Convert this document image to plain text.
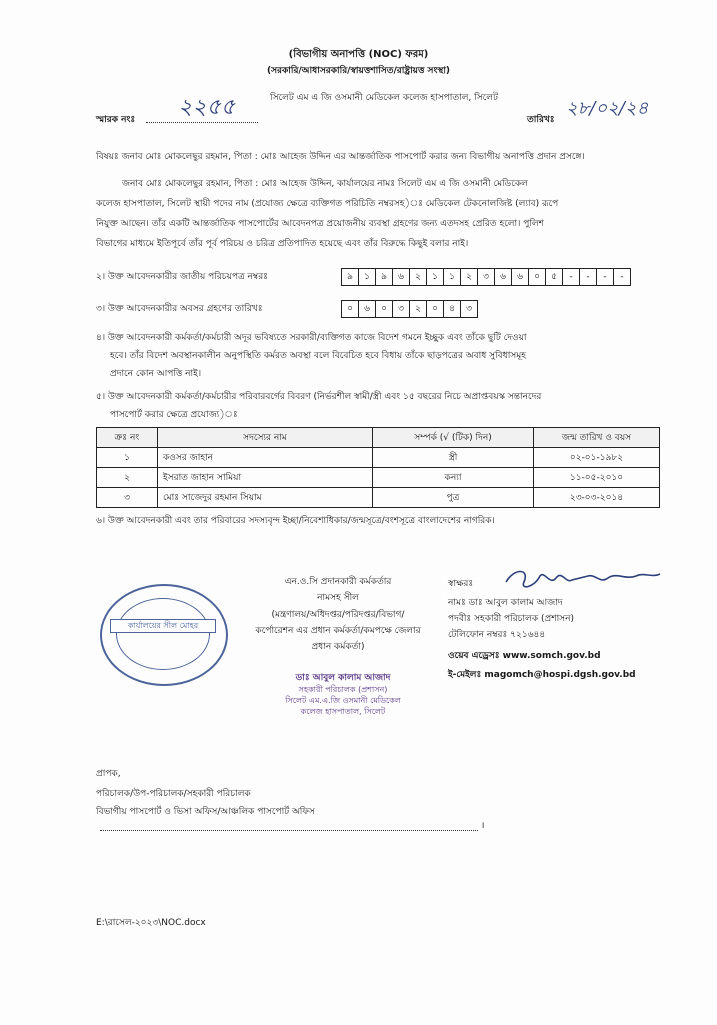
(বিভাগীয় অনাপত্তি (NOC) ফরম)
(সরকারি/আধাসরকারি/স্বায়ত্তশাসিত/রাষ্ট্রায়ত্ত সংস্থা)
সিলেট এম এ জি ওসমানী মেডিকেল কলেজ হাসপাতাল, সিলেট
স্মারক নংঃ ২২৫৫	তারিখঃ
২৮/০২/২৪
বিষয়ঃ জনাব মোঃ মোকলেছুর রহমান, পিতা : মোঃ আহেজ উদ্দিন এর আন্তর্জাতিক পাসপোর্ট করার জন্য বিভাগীয় অনাপত্তি প্রদান প্রসঙ্গে।
জনাব মোঃ মোকলেছুর রহমান, পিতা : মোঃ আহেজ উদ্দিন, কার্যালয়ের নামঃ সিলেট এম এ জি ওসমানী মেডিকেল
কলেজ হাসপাতাল, সিলেট স্থায়ী পদের নাম (প্রযোজ্য ক্ষেত্রে ব্যক্তিগত পরিচিতি নম্বরসহ)ঃ মেডিকেল টেকনোলজিষ্ট (ল্যাব) রূপে
নিযুক্ত আছেন। তাঁর একটি আন্তর্জাতিক পাসপোর্টের আবেদনপত্র প্রয়োজনীয় ব্যবস্থা গ্রহণের জন্য এতদসহ প্রেরিত হলো। পুলিশ
বিভাগের মাধ্যমে ইতিপূর্বে তাঁর পূর্ব পরিচয় ও চরিত্র প্রতিপাদিত হয়েছে এবং তাঁর বিরুদ্ধে কিছুই বলার নাই।
২। উক্ত আবেদনকারীর জাতীয় পরিচয়পত্র নম্বরঃ	৯	১	৯	৬	২	১	১	২	৩	৬	৬	০	৫	-	-	-	-
৩। উক্ত আবেদনকারীর অবসর গ্রহণের তারিখঃ	০	৬	০	৩	২	০	৪	৩
৪। উক্ত আবেদনকারী কর্মকর্তা/কর্মচারী অদূর ভবিষ্যতে সরকারী/ব্যক্তিগত কাজে বিদেশ গমনে ইচ্ছুক এবং তাঁকে ছুটি দেওয়া
হবে। তাঁর বিদেশ অবস্থানকালীন অনুপস্থিতি কর্মরত অবস্থা বলে বিবেচিত হবে বিধায় তাঁকে ছাড়পত্রের অবাধ সুবিধাসমূহ
প্রদানে কোন আপত্তি নাই।
৫। উক্ত আবেদনকারী কর্মকর্তা/কর্মচারীর পরিবারবর্গের বিবরণ (নির্ভরশীল স্বামী/স্ত্রী এবং ১৫ বছরের নিচে অপ্রাপ্তবয়স্ক সন্তানদের
পাসপোর্ট করার ক্ষেত্রে প্রযোজ্য)ঃ
ক্রঃ নং	সদস্যের নাম	সম্পর্ক (√ (টিক) দিন)	জন্ম তারিখ ও বয়স
১	কওসর জাহান	স্ত্রী	০২-০১-১৯৮২
২	ইসরাত জাহান সামিয়া	কন্যা	১১-০৫-২০১০
৩	মোঃ সাজেদুর রহমান সিয়াম	পুত্র	২৩-০৩-২০১৪
৬। উক্ত আবেদনকারী এবং তার পরিবারের সদস্যবৃন্দ ইচ্ছা/নিবেশাধিকার/জন্মসূত্রে/বংশসূত্রে বাংলাদেশের নাগরিক।
কার্যালয়ের সীল মোহর
এন.ও.সি প্রদানকারী কর্মকর্তার
নামসহ সীল
(মন্ত্রণালয়/অধিদপ্তর/পরিদপ্তর/বিভাগ/
কর্পোরেশন এর প্রধান কর্মকর্তা/কমপক্ষে জেলার
প্রধান কর্মকর্তা)
ডাঃ আবুল কালাম আজাদ
সহকারী পরিচালক (প্রশাসন)
সিলেট এম.এ.জি ওসমানী মেডিকেল
কলেজ হাসপাতাল, সিলেট
স্বাক্ষরঃ
নামঃ ডাঃ আবুল কালাম আজাদ
পদবীঃ সহকারী পরিচালক (প্রশাসন)
টেলিফোন নম্বরঃ ৭২১৬৪৪
ওয়েব এড্রেসঃ www.somch.gov.bd
ই-মেইলঃ magomch@hospi.dgsh.gov.bd
প্রাপক,
পরিচালক/উপ-পরিচালক/সহকারী পরিচালক
বিভাগীয় পাসপোর্ট ও ভিসা অফিস/আঞ্চলিক পাসপোর্ট অফিস
।
E:\রাসেল-২০২৩\NOC.docx
